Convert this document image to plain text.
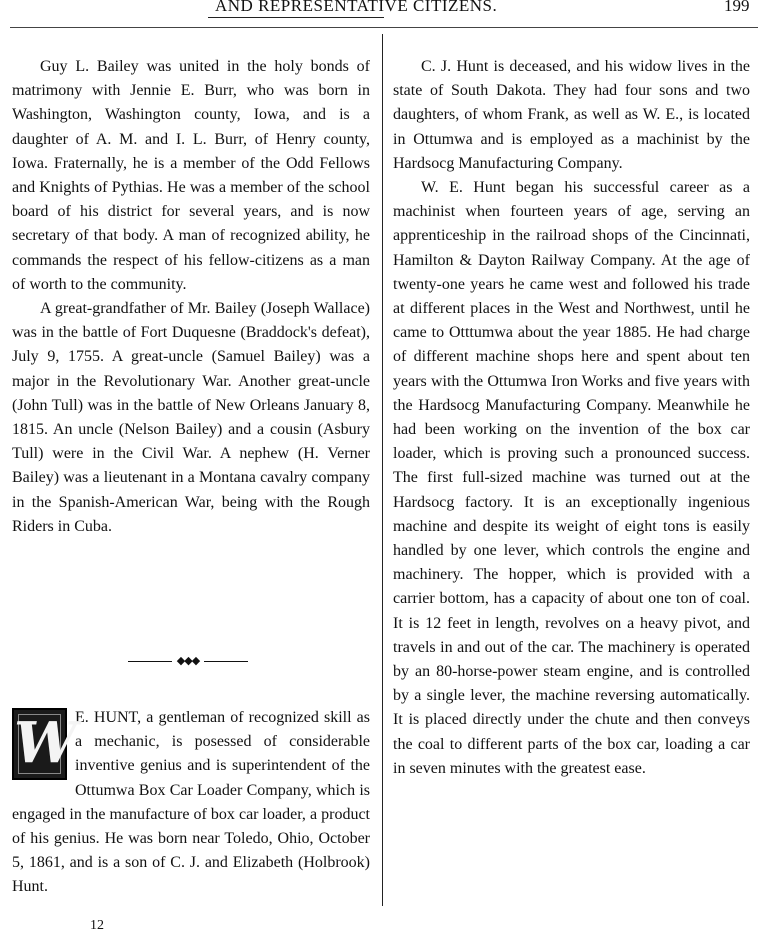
AND REPRESENTATIVE CITIZENS.	199

Guy L. Bailey was united in the holy bonds of matrimony with Jennie E. Burr, who was born in Washington, Washington county, Iowa, and is a daughter of A. M. and I. L. Burr, of Henry county, Iowa. Fraternally, he is a member of the Odd Fellows and Knights of Pythias. He was a member of the school board of his district for several years, and is now secretary of that body. A man of recognized ability, he commands the respect of his fellow-citizens as a man of worth to the community.

A great-grandfather of Mr. Bailey (Joseph Wallace) was in the battle of Fort Duquesne (Braddock's defeat), July 9, 1755. A great-uncle (Samuel Bailey) was a major in the Revolutionary War. Another great-uncle (John Tull) was in the battle of New Orleans January 8, 1815. An uncle (Nelson Bailey) and a cousin (Asbury Tull) were in the Civil War. A nephew (H. Verner Bailey) was a lieutenant in a Montana cavalry company in the Spanish-American War, being with the Rough Riders in Cuba.

◆◆◆
W

E. HUNT, a gentleman of recognized skill as a mechanic, is posessed of considerable inventive genius and is superintendent of the Ottumwa Box Car Loader Company, which is engaged in the manufacture of box car loader, a product of his genius. He was born near Toledo, Ohio, October 5, 1861, and is a son of C. J. and Elizabeth (Holbrook) Hunt.

C. J. Hunt is deceased, and his widow lives in the state of South Dakota. They had four sons and two daughters, of whom Frank, as well as W. E., is located in Ottumwa and is employed as a machinist by the Hardsocg Manufacturing Company.

W. E. Hunt began his successful career as a machinist when fourteen years of age, serving an apprenticeship in the railroad shops of the Cincinnati, Hamilton & Dayton Railway Company. At the age of twenty-one years he came west and followed his trade at different places in the West and Northwest, until he came to Otttumwa about the year 1885. He had charge of different machine shops here and spent about ten years with the Ottumwa Iron Works and five years with the Hardsocg Manufacturing Company. Meanwhile he had been working on the invention of the box car loader, which is proving such a pronounced success. The first full-sized machine was turned out at the Hardsocg factory. It is an exceptionally ingenious machine and despite its weight of eight tons is easily handled by one lever, which controls the engine and machinery. The hopper, which is provided with a carrier bottom, has a capacity of about one ton of coal. It is 12 feet in length, revolves on a heavy pivot, and travels in and out of the car. The machinery is operated by an 80-horse-power steam engine, and is controlled by a single lever, the machine reversing automatically. It is placed directly under the chute and then conveys the coal to different parts of the box car, loading a car in seven minutes with the greatest ease.

12
